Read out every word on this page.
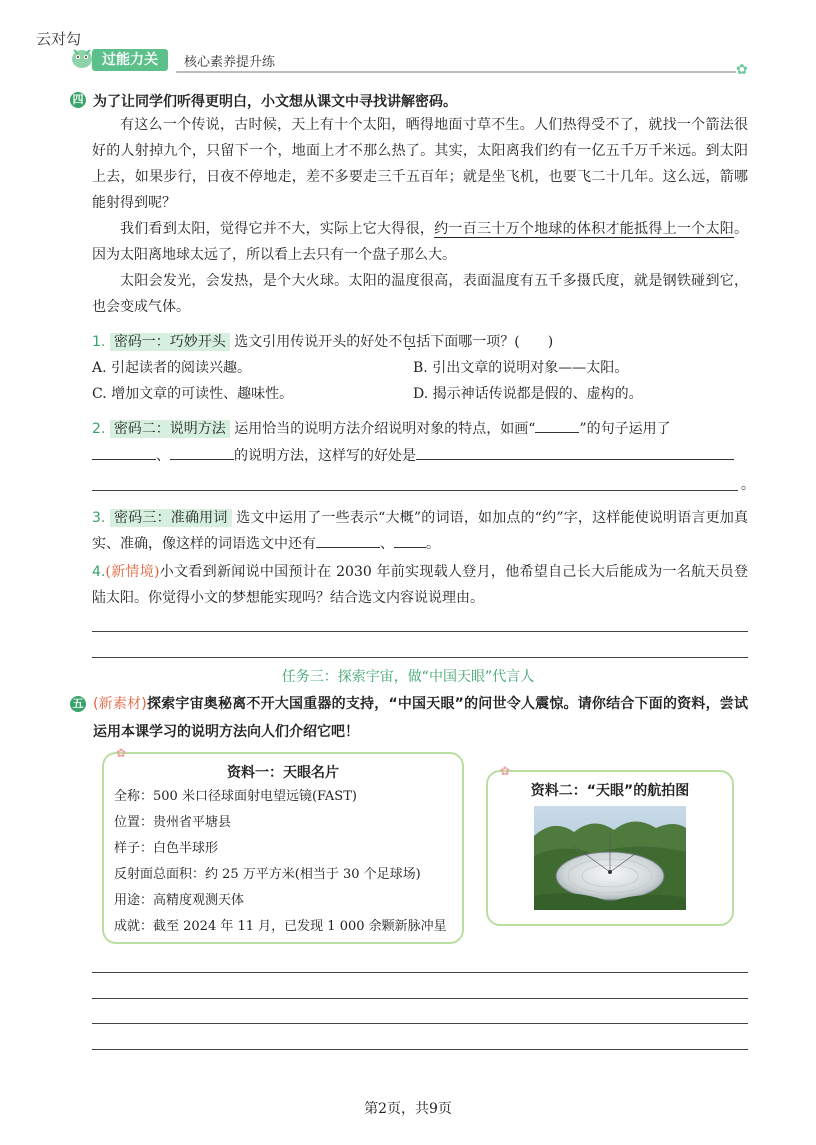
云对勾
过能力关	核心素养提升练	✿
四 为了让同学们听得更明白，小文想从课文中寻找讲解密码。
有这么一个传说，古时候，天上有十个太阳，晒得地面寸草不生。人们热得受不了，就找一个箭法很好的人射掉九个，只留下一个，地面上才不那么热了。其实，太阳离我们约有一亿五千万千米远。到太阳上去，如果步行，日夜不停地走，差不多要走三千五百年；就是坐飞机，也要飞二十几年。这么远，箭哪能射得到呢？
我们看到太阳，觉得它并不大，实际上它大得很，约一百三十万个地球的体积才能抵得上一个太阳。因为太阳离地球太远了，所以看上去只有一个盘子那么大。
太阳会发光，会发热，是个大火球。太阳的温度很高，表面温度有五千多摄氏度，就是钢铁碰到它，也会变成气体。
1. 密码一：巧妙开头 选文引用传说开头的好处不包括下面哪一项？(　　)
A. 引起读者的阅读兴趣。	B. 引出文章的说明对象——太阳。
C. 增加文章的可读性、趣味性。	D. 揭示神话传说都是假的、虚构的。
2. 密码二：说明方法 运用恰当的说明方法介绍说明对象的特点，如画“	”的句子运用了
、	的说明方法，这样写的好处是
。
3. 密码三：准确用词 选文中运用了一些表示“大概”的词语，如加点的“约”字，这样能使说明语言更加真实、准确，像这样的词语选文中还有	、 。
4.(新情境)小文看到新闻说中国预计在 2030 年前实现载人登月，他希望自己长大后能成为一名航天员登陆太阳。你觉得小文的梦想能实现吗？结合选文内容说说理由。
任务三：探索宇宙，做“中国天眼”代言人
五 (新素材)探索宇宙奥秘离不开大国重器的支持，“中国天眼”的问世令人震惊。请你结合下面的资料，尝试运用本课学习的说明方法向人们介绍它吧！
资料一：天眼名片
全称：500 米口径球面射电望远镜(FAST)
位置：贵州省平塘县
样子：白色半球形
反射面总面积：约 25 万平方米(相当于 30 个足球场)
用途：高精度观测天体
成就：截至 2024 年 11 月，已发现 1 000 余颗新脉冲星
✿
资料二：“天眼”的航拍图
✿
第2页，共9页
